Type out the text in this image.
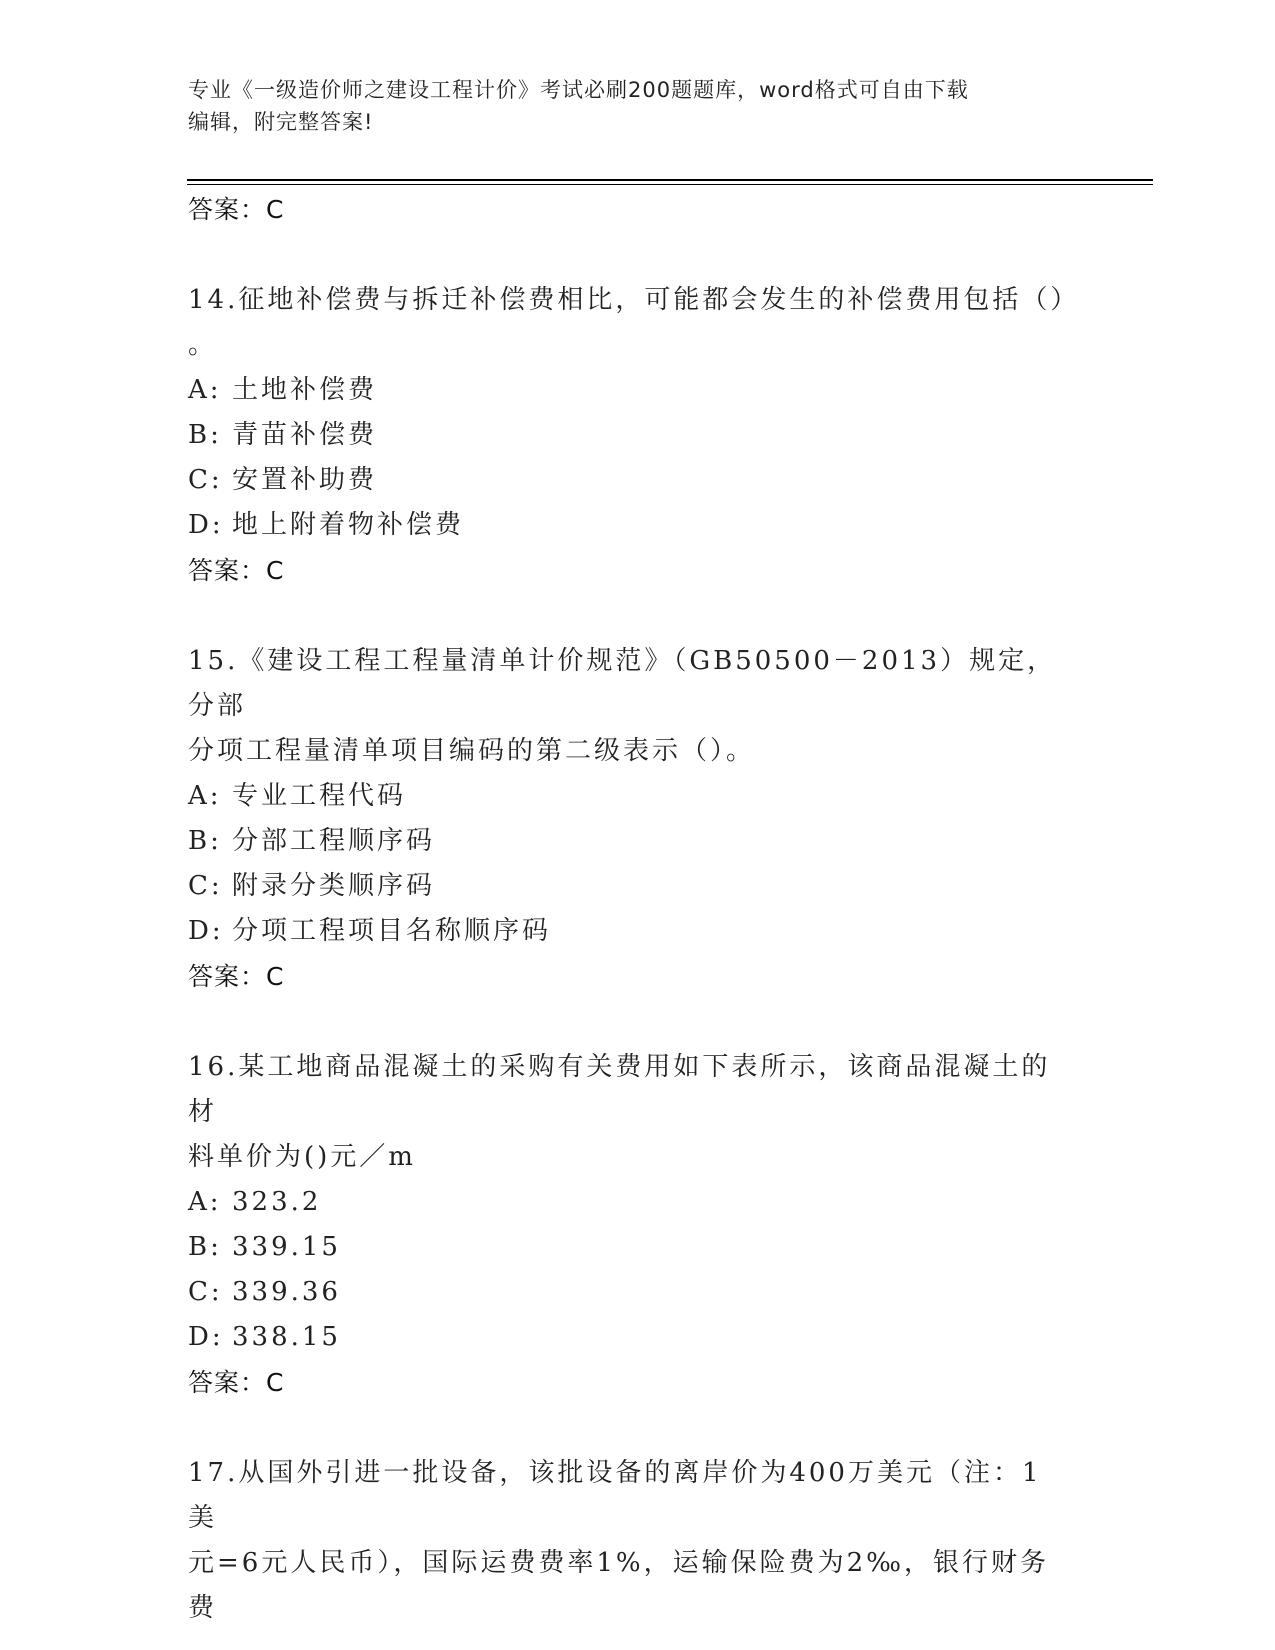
专业《一级造价师之建设工程计价》考试必刷200题题库，word格式可自由下载
编辑，附完整答案!
答案：C
14.征地补偿费与拆迁补偿费相比，可能都会发生的补偿费用包括（）
。
A: 土地补偿费
B: 青苗补偿费
C: 安置补助费
D: 地上附着物补偿费
答案：C
15.《建设工程工程量清单计价规范》（GB50500－2013）规定，分部
分项工程量清单项目编码的第二级表示（）。
A: 专业工程代码
B: 分部工程顺序码
C: 附录分类顺序码
D: 分项工程项目名称顺序码
答案：C
16.某工地商品混凝土的采购有关费用如下表所示，该商品混凝土的材
料单价为()元／m
A: 323.2
B: 339.15
C: 339.36
D: 338.15
答案：C
17.从国外引进一批设备，该批设备的离岸价为400万美元（注：1美
元=6元人民币），国际运费费率1%，运输保险费为2‰，银行财务费
